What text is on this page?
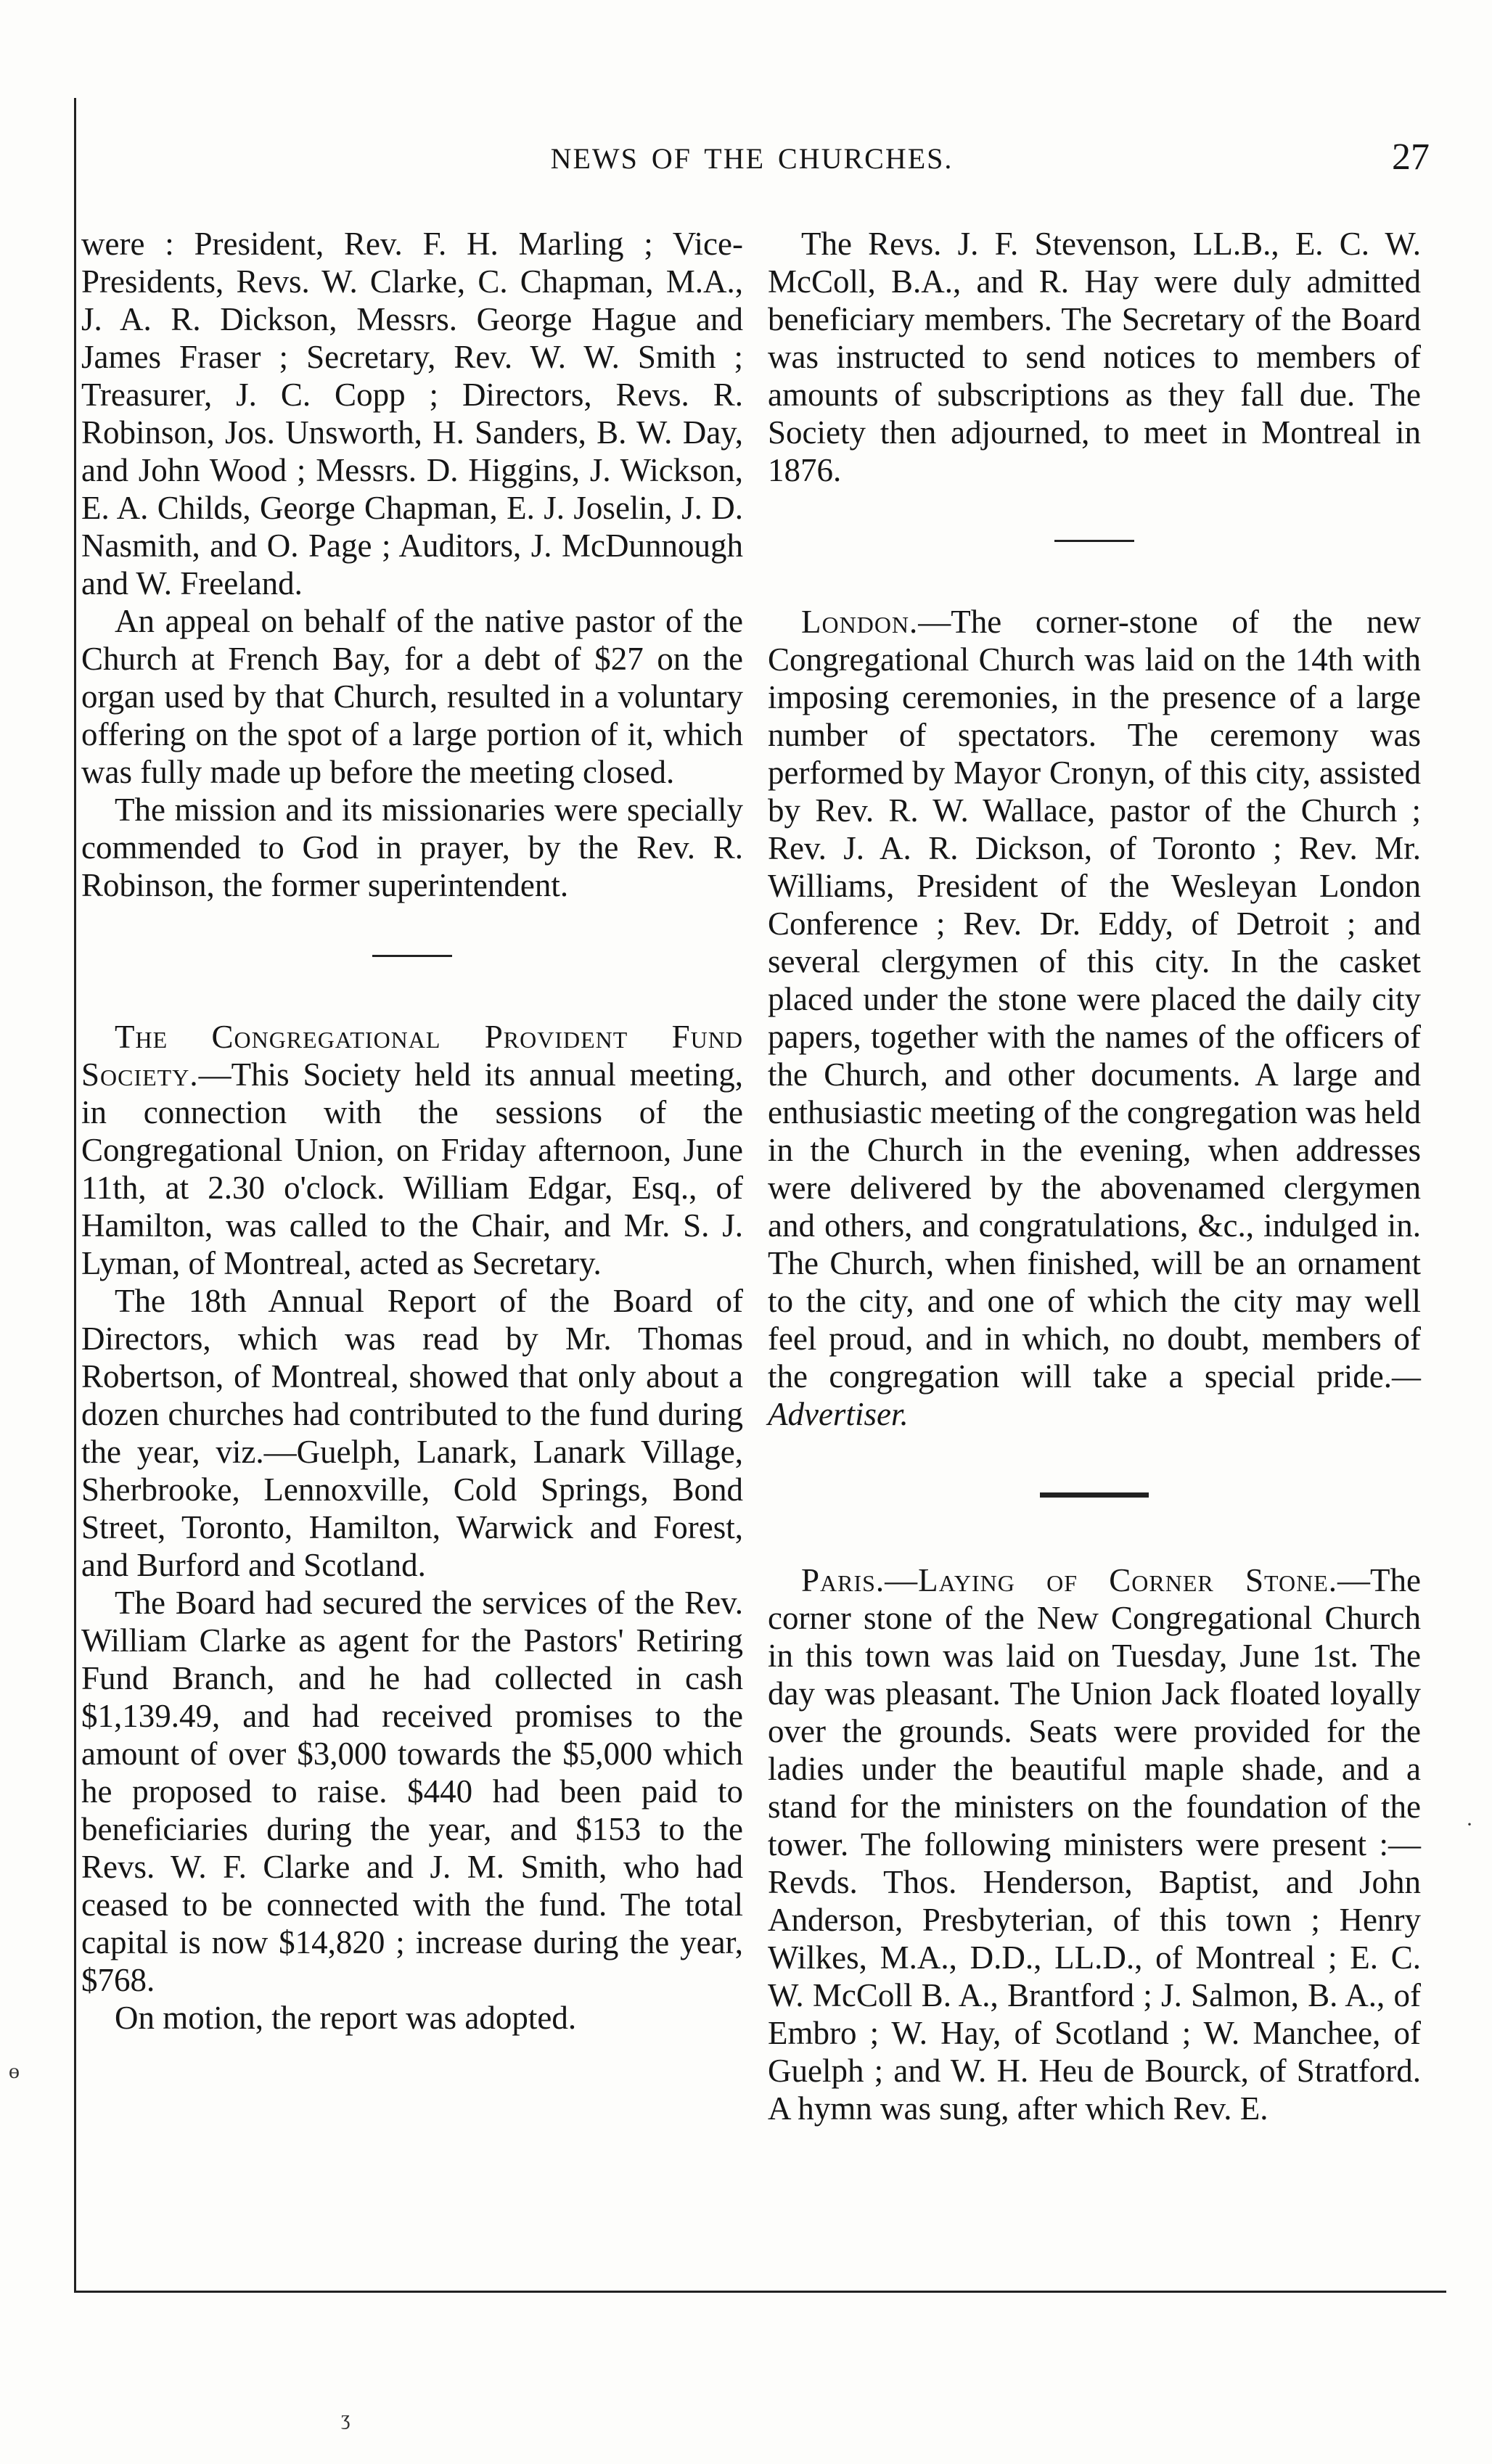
NEWS OF THE CHURCHES.	27

were : President, Rev. F. H. Marling ; Vice-Presidents, Revs. W. Clarke, C. Chapman, M.A., J. A. R. Dickson, Messrs. George Hague and James Fraser ; Secretary, Rev. W. W. Smith ; Treasurer, J. C. Copp ; Directors, Revs. R. Robinson, Jos. Unsworth, H. Sanders, B. W. Day, and John Wood ; Messrs. D. Higgins, J. Wickson, E. A. Childs, George Chapman, E. J. Joselin, J. D. Nasmith, and O. Page ; Auditors, J. McDunnough and W. Freeland.

An appeal on behalf of the native pastor of the Church at French Bay, for a debt of $27 on the organ used by that Church, resulted in a voluntary offering on the spot of a large portion of it, which was fully made up before the meeting closed.

The mission and its missionaries were specially commended to God in prayer, by the Rev. R. Robinson, the former superintendent.

The Congregational Provident Fund Society.—This Society held its annual meeting, in connection with the sessions of the Congregational Union, on Friday afternoon, June 11th, at 2.30 o'clock. William Edgar, Esq., of Hamilton, was called to the Chair, and Mr. S. J. Lyman, of Montreal, acted as Secretary.

The 18th Annual Report of the Board of Directors, which was read by Mr. Thomas Robertson, of Montreal, showed that only about a dozen churches had contributed to the fund during the year, viz.—Guelph, Lanark, Lanark Village, Sherbrooke, Lennoxville, Cold Springs, Bond Street, Toronto, Hamilton, Warwick and Forest, and Burford and Scotland.

The Board had secured the services of the Rev. William Clarke as agent for the Pastors' Retiring Fund Branch, and he had collected in cash $1,139.49, and had received promises to the amount of over $3,000 towards the $5,000 which he proposed to raise. $440 had been paid to beneficiaries during the year, and $153 to the Revs. W. F. Clarke and J. M. Smith, who had ceased to be connected with the fund. The total capital is now $14,820 ; increase during the year, $768.

On motion, the report was adopted.

The Revs. J. F. Stevenson, LL.B., E. C. W. McColl, B.A., and R. Hay were duly admitted beneficiary members. The Secretary of the Board was instructed to send notices to members of amounts of subscriptions as they fall due. The Society then adjourned, to meet in Montreal in 1876.

London.—The corner-stone of the new Congregational Church was laid on the 14th with imposing ceremonies, in the presence of a large number of spectators. The ceremony was performed by Mayor Cronyn, of this city, assisted by Rev. R. W. Wallace, pastor of the Church ; Rev. J. A. R. Dickson, of Toronto ; Rev. Mr. Williams, President of the Wesleyan London Conference ; Rev. Dr. Eddy, of Detroit ; and several clergymen of this city. In the casket placed under the stone were placed the daily city papers, together with the names of the officers of the Church, and other documents. A large and enthusiastic meeting of the congregation was held in the Church in the evening, when addresses were delivered by the abovenamed clergymen and others, and congratulations, &c., indulged in. The Church, when finished, will be an ornament to the city, and one of which the city may well feel proud, and in which, no doubt, members of the congregation will take a special pride.—Advertiser.

Paris.—Laying of Corner Stone.—The corner stone of the New Congregational Church in this town was laid on Tuesday, June 1st. The day was pleasant. The Union Jack floated loyally over the grounds. Seats were provided for the ladies under the beautiful maple shade, and a stand for the ministers on the foundation of the tower. The following ministers were present :—Revds. Thos. Henderson, Baptist, and John Anderson, Presbyterian, of this town ; Henry Wilkes, M.A., D.D., LL.D., of Montreal ; E. C. W. McColl B. A., Brantford ; J. Salmon, B. A., of Embro ; W. Hay, of Scotland ; W. Manchee, of Guelph ; and W. H. Heu de Bourck, of Stratford. A hymn was sung, after which Rev. E.

ɵ
·
ʒ
